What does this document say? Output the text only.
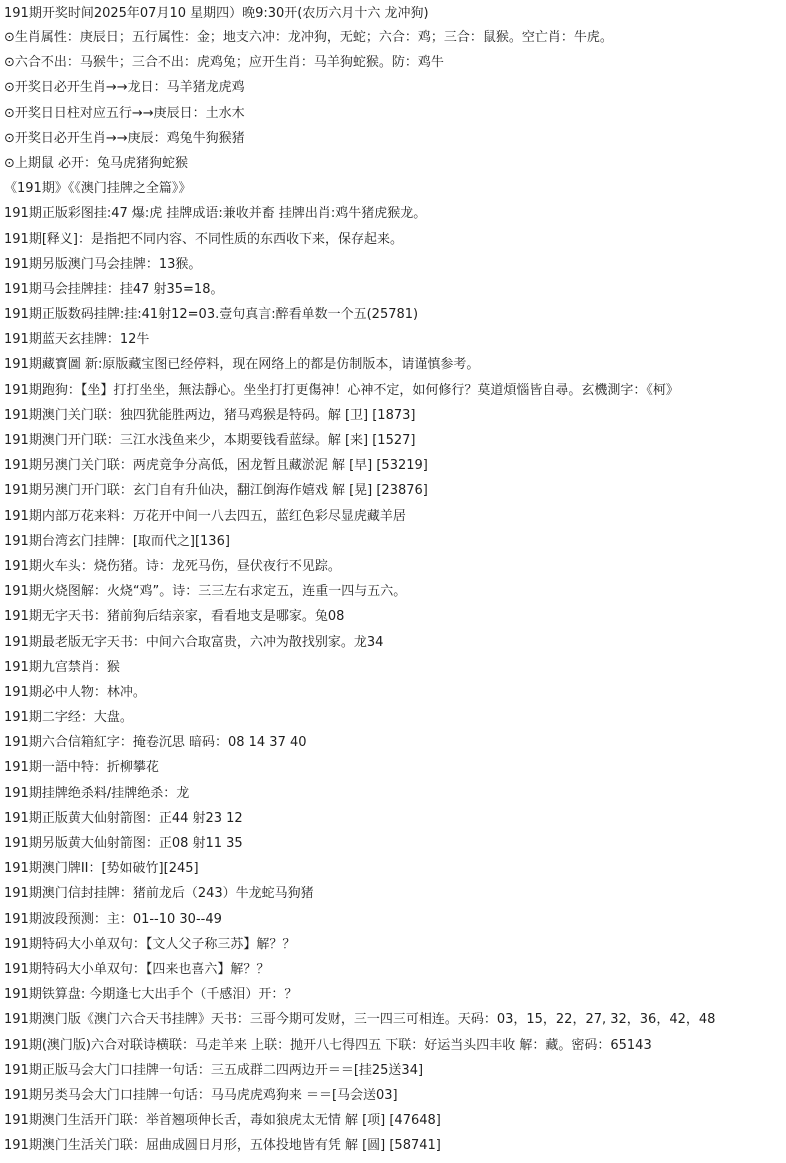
191期开奖时间2025年07月10 星期四）晚9:30开(农历六月十六 龙冲狗)
⊙生肖属性：庚辰日；五行属性：金；地支六冲：龙冲狗，无蛇；六合：鸡；三合：鼠猴。空亡肖：牛虎。
⊙六合不出：马猴牛；三合不出：虎鸡兔；应开生肖：马羊狗蛇猴。防：鸡牛
⊙开奖日必开生肖→→龙日：马羊猪龙虎鸡
⊙开奖日日柱对应五行→→庚辰日：土水木
⊙开奖日必开生肖→→庚辰：鸡兔牛狗猴猪
⊙上期鼠 必开：兔马虎猪狗蛇猴
《191期》《《澳门挂牌之全篇》》
191期正版彩图挂:47 爆:虎 挂牌成语:兼收并畜 挂牌出肖:鸡牛猪虎猴龙。
191期[释义]：是指把不同内容、不同性质的东西收下来，保存起来。
191期另版澳门马会挂牌：13猴。
191期马会挂牌挂：挂47 射35=18。
191期正版数码挂牌:挂:41射12=03.壹句真言:醉看单数一个五(25781)
191期蓝天玄挂牌：12牛
191期藏寳圖 新:原版藏宝图已经停料，现在网络上的都是仿制版本，请谨慎参考。
191期跑狗：【坐】打打坐坐，無法靜心。坐坐打打更傷神！心神不定，如何修行？莫道煩惱皆自尋。玄機測字：《柯》
191期澳门关门联：独四犹能胜两边，猪马鸡猴是特码。解 [卫] [1873]
191期澳门开门联：三江水浅鱼来少，本期要钱看蓝绿。解 [来] [1527]
191期另澳门关门联：两虎竟争分高低，困龙暂且藏淤泥 解 [早] [53219]
191期另澳门开门联：玄门自有升仙决，翻江倒海作嬉戏 解 [晃] [23876]
191期内部万花来料：万花开中间一八去四五，蓝红色彩尽显虎藏羊居
191期台湾玄门挂牌：[取而代之][136]
191期火车头：烧伤猪。诗：龙死马伤，昼伏夜行不见踪。
191期火烧图解：火烧“鸡”。诗：三三左右求定五，连重一四与五六。
191期无字天书：猪前狗后结亲家，看看地支是哪家。兔08
191期最老版无字天书：中间六合取富贵，六冲为散找别家。龙34
191期九宫禁肖：猴
191期必中人物：林冲。
191期二字经：大盘。
191期六合信箱紅字：掩卷沉思 暗码：08 14 37 40
191期一語中特：折柳攀花
191期挂牌绝杀料/挂牌绝杀：龙
191期正版黄大仙射箭图：正44 射23 12
191期另版黄大仙射箭图：正08 射11 35
191期澳门牌II：[势如破竹][245]
191期澳门信封挂牌：猪前龙后（243）牛龙蛇马狗猪
191期波段预测：主：01--10 30--49
191期特码大小单双句：【文人父子称三苏】解？？
191期特码大小单双句：【四来也喜六】解？？
191期铁算盘: 今期逢七大出手个（千感泪）开：？
191期澳门版《澳门六合天书挂牌》天书：三哥今期可发财，三一四三可相连。天码：03，15，22，27, 32，36，42，48
191期(澳门版)六合对联诗横联：马走羊来 上联：抛开八七得四五 下联：好运当头四丰收 解：藏。密码：65143
191期正版马会大门口挂牌一句话：三五成群二四两边开＝＝[挂25送34]
191期另类马会大门口挂牌一句话：马马虎虎鸡狗来 ＝＝[马会送03]
191期澳门生活开门联：举首翘项伸长舌，毒如狼虎太无情 解 [项] [47648]
191期澳门生活关门联：屈曲成圆日月形，五体投地皆有凭 解 [圆] [58741]
